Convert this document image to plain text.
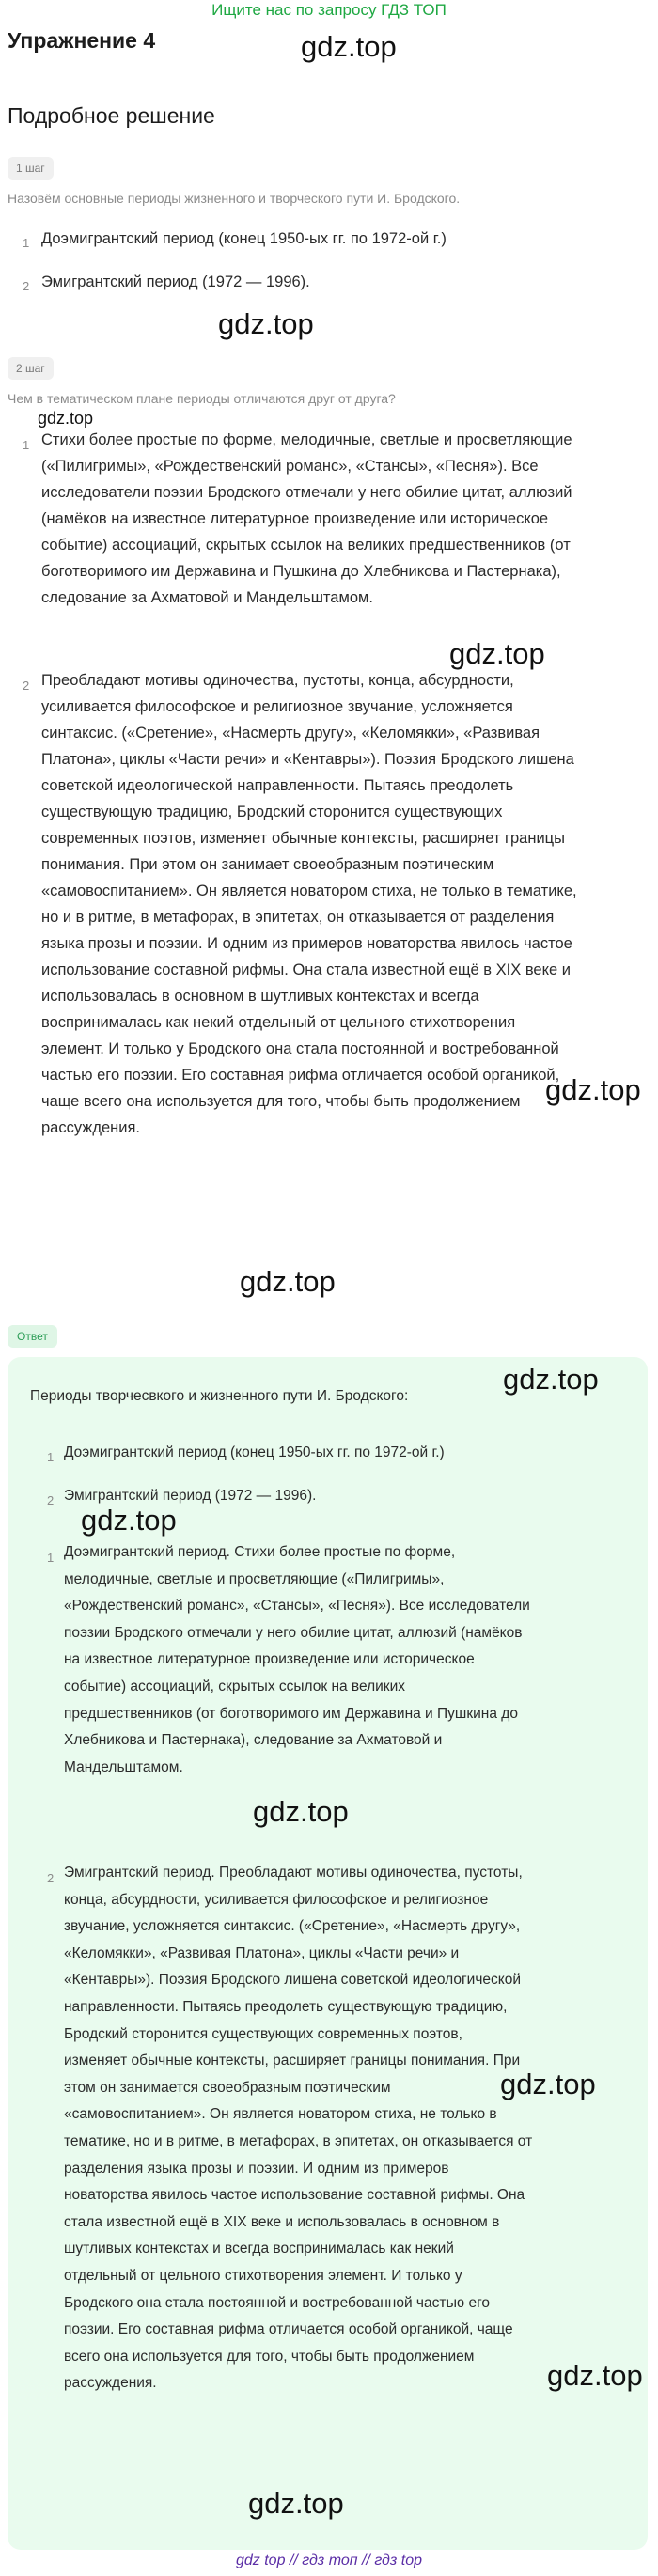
Ищите нас по запросу ГДЗ ТОП
Упражнение 4
Подробное решение
1 шаг
Назовём основные периоды жизненного и творческого пути И. Бродского.
1 Доэмигрантский период (конец 1950-ых гг. по 1972-ой г.)
2 Эмигрантский период (1972 — 1996).
2 шаг
Чем в тематическом плане периоды отличаются друг от друга?
1 Стихи более простые по форме, мелодичные, светлые и просветляющие
(«Пилигримы», «Рождественский романс», «Стансы», «Песня»). Все
исследователи поэзии Бродского отмечали у него обилие цитат, аллюзий
(намёков на известное литературное произведение или историческое
событие) ассоциаций, скрытых ссылок на великих предшественников (от
боготворимого им Державина и Пушкина до Хлебникова и Пастернака),
следование за Ахматовой и Мандельштамом.
2 Преобладают мотивы одиночества, пустоты, конца, абсурдности,
усиливается философское и религиозное звучание, усложняется
синтаксис. («Сретение», «Насмерть другу», «Келомякки», «Развивая
Платона», циклы «Части речи» и «Кентавры»). Поэзия Бродского лишена
советской идеологической направленности. Пытаясь преодолеть
существующую традицию, Бродский сторонится существующих
современных поэтов, изменяет обычные контексты, расширяет границы
понимания. При этом он занимает своеобразным поэтическим
«самовоспитанием». Он является новатором стиха, не только в тематике,
но и в ритме, в метафорах, в эпитетах, он отказывается от разделения
языка прозы и поэзии. И одним из примеров новаторства явилось частое
использование составной рифмы. Она стала известной ещё в XIX веке и
использовалась в основном в шутливых контекстах и всегда
воспринималась как некий отдельный от цельного стихотворения
элемент. И только у Бродского она стала постоянной и востребованной
частью его поэзии. Его составная рифма отличается особой органикой,
чаще всего она используется для того, чтобы быть продолжением
рассуждения.
Ответ
Периоды творчесвкого и жизненного пути И. Бродского:
1 Доэмигрантский период (конец 1950-ых гг. по 1972-ой г.)
2 Эмигрантский период (1972 — 1996).
1 Доэмигрантский период. Стихи более простые по форме,
мелодичные, светлые и просветляющие («Пилигримы»,
«Рождественский романс», «Стансы», «Песня»). Все исследователи
поэзии Бродского отмечали у него обилие цитат, аллюзий (намёков
на известное литературное произведение или историческое
событие) ассоциаций, скрытых ссылок на великих
предшественников (от боготворимого им Державина и Пушкина до
Хлебникова и Пастернака), следование за Ахматовой и
Мандельштамом.
2 Эмигрантский период. Преобладают мотивы одиночества, пустоты,
конца, абсурдности, усиливается философское и религиозное
звучание, усложняется синтаксис. («Сретение», «Насмерть другу»,
«Келомякки», «Развивая Платона», циклы «Части речи» и
«Кентавры»). Поэзия Бродского лишена советской идеологической
направленности. Пытаясь преодолеть существующую традицию,
Бродский сторонится существующих современных поэтов,
изменяет обычные контексты, расширяет границы понимания. При
этом он занимается своеобразным поэтическим
«самовоспитанием». Он является новатором стиха, не только в
тематике, но и в ритме, в метафорах, в эпитетах, он отказывается от
разделения языка прозы и поэзии. И одним из примеров
новаторства явилось частое использование составной рифмы. Она
стала известной ещё в XIX веке и использовалась в основном в
шутливых контекстах и всегда воспринималась как некий
отдельный от цельного стихотворения элемент. И только у
Бродского она стала постоянной и востребованной частью его
поэзии. Его составная рифма отличается особой органикой, чаще
всего она используется для того, чтобы быть продолжением
рассуждения.
gdz.top
gdz.top
gdz.top
gdz.top
gdz.top
gdz.top
gdz.top
gdz.top
gdz.top
gdz.top
gdz.top
gdz.top
gdz top // гдз топ // гдз top
